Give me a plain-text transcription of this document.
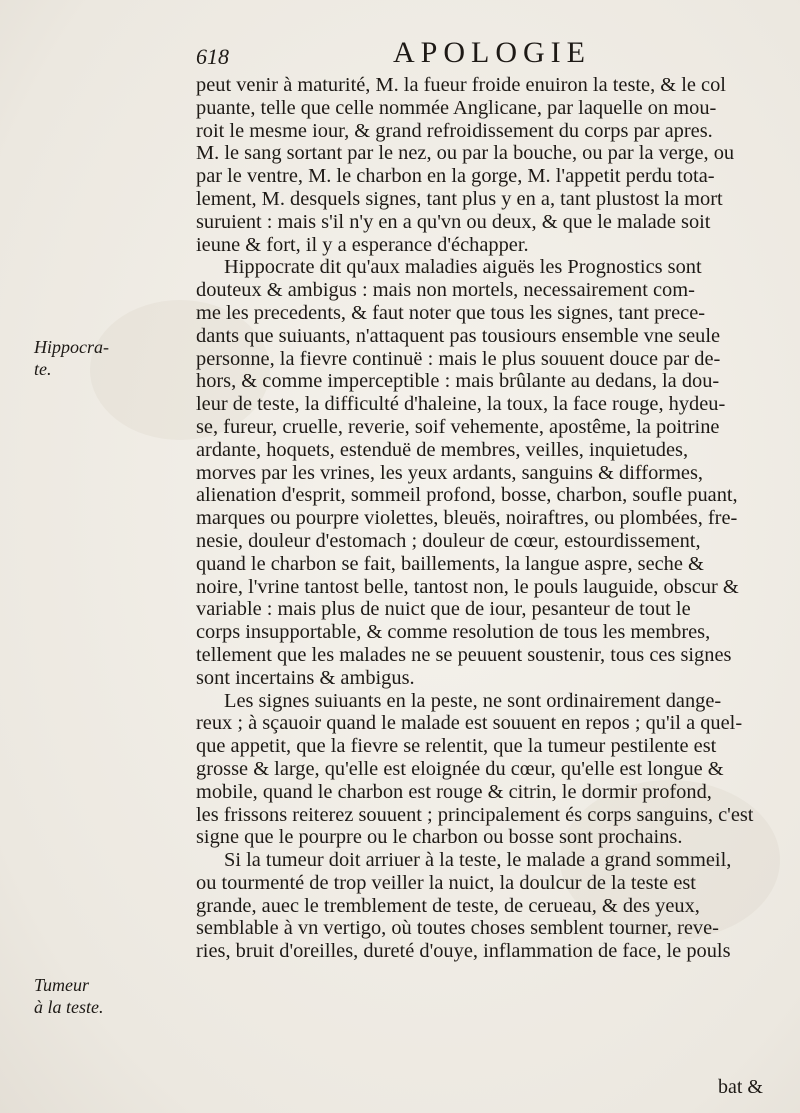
618	APOLOGIE
Hippocra-
te.
Tumeur
à la teste.
peut venir à maturité, M. la fueur froide enuiron la teste, & le col
puante, telle que celle nommée Anglicane, par laquelle on mou-
roit le mesme iour, & grand refroidissement du corps par apres.
M. le sang sortant par le nez, ou par la bouche, ou par la verge, ou
par le ventre, M. le charbon en la gorge, M. l'appetit perdu tota-
lement, M. desquels signes, tant plus y en a, tant plustost la mort
suruient : mais s'il n'y en a qu'vn ou deux, & que le malade soit
ieune & fort, il y a esperance d'échapper.
Hippocrate dit qu'aux maladies aiguës les Prognostics sont
douteux & ambigus : mais non mortels, necessairement com-
me les precedents, & faut noter que tous les signes, tant prece-
dants que suiuants, n'attaquent pas tousiours ensemble vne seule
personne, la fievre continuë : mais le plus souuent douce par de-
hors, & comme imperceptible : mais brûlante au dedans, la dou-
leur de teste, la difficulté d'haleine, la toux, la face rouge, hydeu-
se, fureur, cruelle, reverie, soif vehemente, apostême, la poitrine
ardante, hoquets, estenduë de membres, veilles, inquietudes,
morves par les vrines, les yeux ardants, sanguins & difformes,
alienation d'esprit, sommeil profond, bosse, charbon, soufle puant,
marques ou pourpre violettes, bleuës, noiraftres, ou plombées, fre-
nesie, douleur d'estomach ; douleur de cœur, estourdissement,
quand le charbon se fait, baillements, la langue aspre, seche &
noire, l'vrine tantost belle, tantost non, le pouls lauguide, obscur &
variable : mais plus de nuict que de iour, pesanteur de tout le
corps insupportable, & comme resolution de tous les membres,
tellement que les malades ne se peuuent soustenir, tous ces signes
sont incertains & ambigus.
Les signes suiuants en la peste, ne sont ordinairement dange-
reux ; à sçauoir quand le malade est souuent en repos ; qu'il a quel-
que appetit, que la fievre se relentit, que la tumeur pestilente est
grosse & large, qu'elle est eloignée du cœur, qu'elle est longue &
mobile, quand le charbon est rouge & citrin, le dormir profond,
les frissons reiterez souuent ; principalement és corps sanguins, c'est
signe que le pourpre ou le charbon ou bosse sont prochains.
Si la tumeur doit arriuer à la teste, le malade a grand sommeil,
ou tourmenté de trop veiller la nuict, la doulcur de la teste est
grande, auec le tremblement de teste, de cerueau, & des yeux,
semblable à vn vertigo, où toutes choses semblent tourner, reve-
ries, bruit d'oreilles, dureté d'ouye, inflammation de face, le pouls
bat &
